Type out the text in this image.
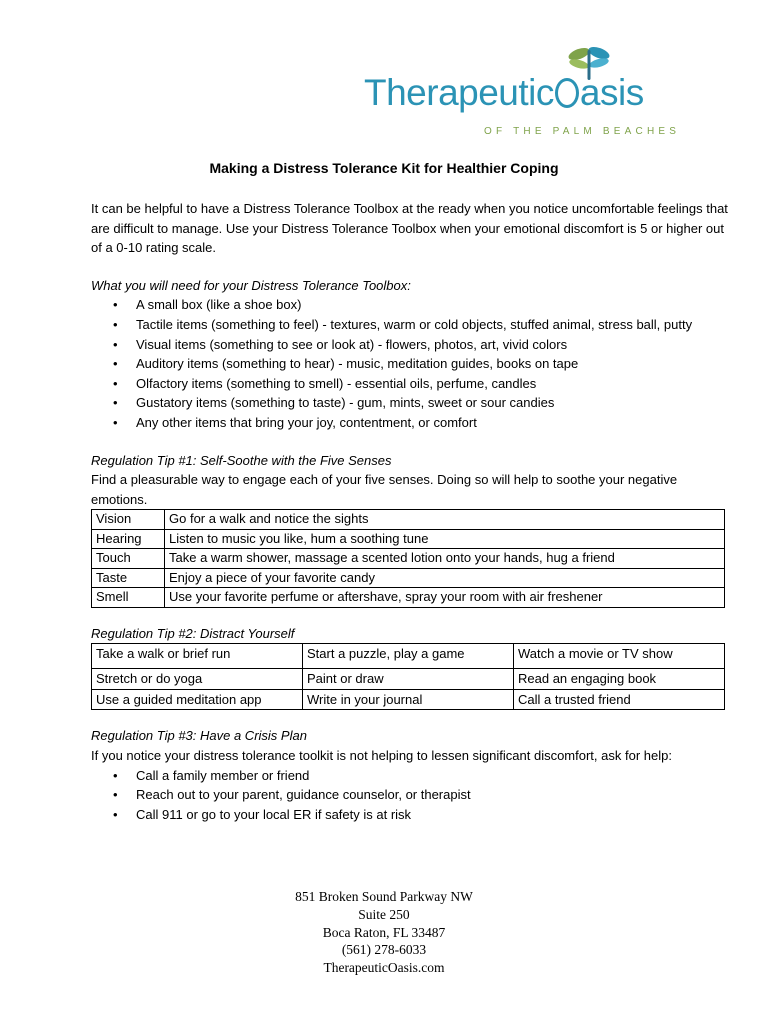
Therapeutic asis
OF THE PALM BEACHES
Making a Distress Tolerance Kit for Healthier Coping

It can be helpful to have a Distress Tolerance Toolbox at the ready when you notice uncomfortable feelings that are difficult to manage. Use your Distress Tolerance Toolbox when your emotional discomfort is 5 or higher out of a 0-10 rating scale.

What you will need for your Distress Tolerance Toolbox:

• A small box (like a shoe box)
• Tactile items (something to feel) - textures, warm or cold objects, stuffed animal, stress ball, putty
• Visual items (something to see or look at) - flowers, photos, art, vivid colors
• Auditory items (something to hear) - music, meditation guides, books on tape
• Olfactory items (something to smell) - essential oils, perfume, candles
• Gustatory items (something to taste) - gum, mints, sweet or sour candies
• Any other items that bring your joy, contentment, or comfort

Regulation Tip #1: Self-Soothe with the Five Senses

Find a pleasurable way to engage each of your five senses. Doing so will help to soothe your negative emotions.

Vision	Go for a walk and notice the sights
Hearing	Listen to music you like, hum a soothing tune
Touch	Take a warm shower, massage a scented lotion onto your hands, hug a friend
Taste	Enjoy a piece of your favorite candy
Smell	Use your favorite perfume or aftershave, spray your room with air freshener

Regulation Tip #2: Distract Yourself

Take a walk or brief run	Start a puzzle, play a game	Watch a movie or TV show
Stretch or do yoga	Paint or draw	Read an engaging book
Use a guided meditation app	Write in your journal	Call a trusted friend

Regulation Tip #3: Have a Crisis Plan

If you notice your distress tolerance toolkit is not helping to lessen significant discomfort, ask for help:

• Call a family member or friend
• Reach out to your parent, guidance counselor, or therapist
• Call 911 or go to your local ER if safety is at risk
851 Broken Sound Parkway NW
Suite 250
Boca Raton, FL 33487
(561) 278-6033
TherapeuticOasis.com
